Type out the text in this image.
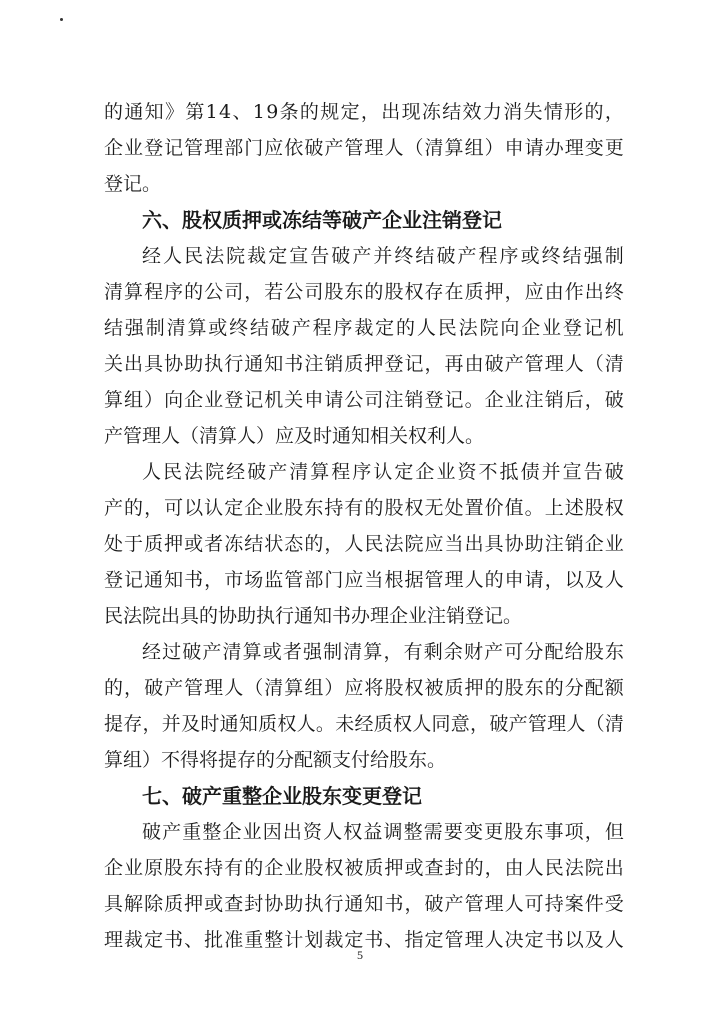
的 通 知 》 第 1 4 、 1 9 条 的 规 定 ， 出 现 冻 结 效 力 消 失 情 形 的 ，
企 业 登 记 管 理 部 门 应 依 破 产 管 理 人 （ 清 算 组 ） 申 请 办 理 变 更
登记。
六、股权质押或冻结等破产企业注销登记
经 人 民 法 院 裁 定 宣 告 破 产 并 终 结 破 产 程 序 或 终 结 强 制
清 算 程 序 的 公 司 ， 若 公 司 股 东 的 股 权 存 在 质 押 ， 应 由 作 出 终
结 强 制 清 算 或 终 结 破 产 程 序 裁 定 的 人 民 法 院 向 企 业 登 记 机
关 出 具 协 助 执 行 通 知 书 注 销 质 押 登 记 ， 再 由 破 产 管 理 人 （ 清
算 组 ） 向 企 业 登 记 机 关 申 请 公 司 注 销 登 记 。 企 业 注 销 后 ， 破
产管理人（清算人）应及时通知相关权利人。
人 民 法 院 经 破 产 清 算 程 序 认 定 企 业 资 不 抵 债 并 宣 告 破
产 的 ， 可 以 认 定 企 业 股 东 持 有 的 股 权 无 处 置 价 值 。 上 述 股 权
处 于 质 押 或 者 冻 结 状 态 的 ， 人 民 法 院 应 当 出 具 协 助 注 销 企 业
登 记 通 知 书 ， 市 场 监 管 部 门 应 当 根 据 管 理 人 的 申 请 ， 以 及 人
民法院出具的协助执行通知书办理企业注销登记。
经 过 破 产 清 算 或 者 强 制 清 算 ， 有 剩 余 财 产 可 分 配 给 股 东
的 ， 破 产 管 理 人 （ 清 算 组 ） 应 将 股 权 被 质 押 的 股 东 的 分 配 额
提 存 ， 并 及 时 通 知 质 权 人 。 未 经 质 权 人 同 意 ， 破 产 管 理 人 （ 清
算组）不得将提存的分配额支付给股东。
七、破产重整企业股东变更登记
破 产 重 整 企 业 因 出 资 人 权 益 调 整 需 要 变 更 股 东 事 项 ， 但
企 业 原 股 东 持 有 的 企 业 股 权 被 质 押 或 查 封 的 ， 由 人 民 法 院 出
具 解 除 质 押 或 查 封 协 助 执 行 通 知 书 ， 破 产 管 理 人 可 持 案 件 受
理 裁 定 书 、 批 准 重 整 计 划 裁 定 书 、 指 定 管 理 人 决 定 书 以 及 人
5
